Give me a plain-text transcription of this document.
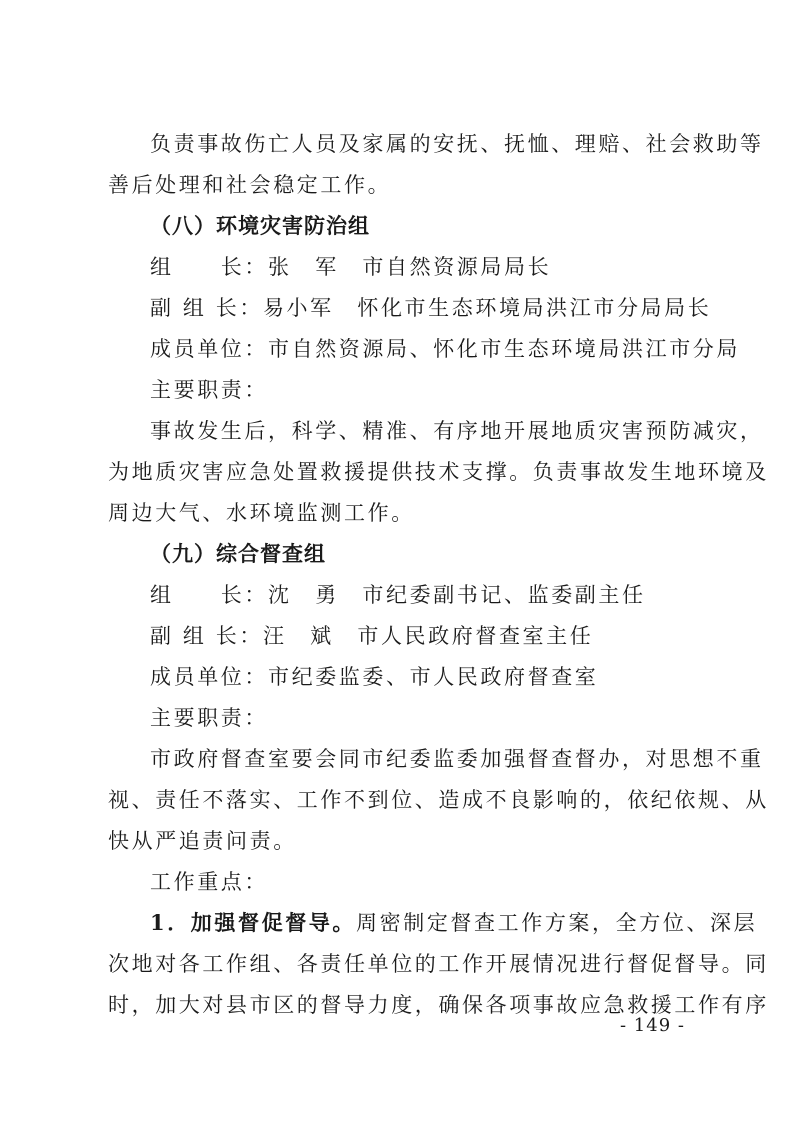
负责事故伤亡人员及家属的安抚、抚恤、理赔、社会救助等
善后处理和社会稳定工作。
（八）环境灾害防治组
组　　长：张　军　市自然资源局局长
副 组 长：易小军　怀化市生态环境局洪江市分局局长
成员单位：市自然资源局、怀化市生态环境局洪江市分局
主要职责：
事故发生后，科学、精准、有序地开展地质灾害预防减灾，
为地质灾害应急处置救援提供技术支撑。负责事故发生地环境及
周边大气、水环境监测工作。
（九）综合督查组
组　　长：沈　勇　市纪委副书记、监委副主任
副 组 长：汪　斌　市人民政府督查室主任
成员单位：市纪委监委、市人民政府督查室
主要职责：
市政府督查室要会同市纪委监委加强督查督办，对思想不重
视、责任不落实、工作不到位、造成不良影响的，依纪依规、从
快从严追责问责。
工作重点：
1．加强督促督导。周密制定督查工作方案，全方位、深层
次地对各工作组、各责任单位的工作开展情况进行督促督导。同
时，加大对县市区的督导力度，确保各项事故应急救援工作有序
- 149 -
